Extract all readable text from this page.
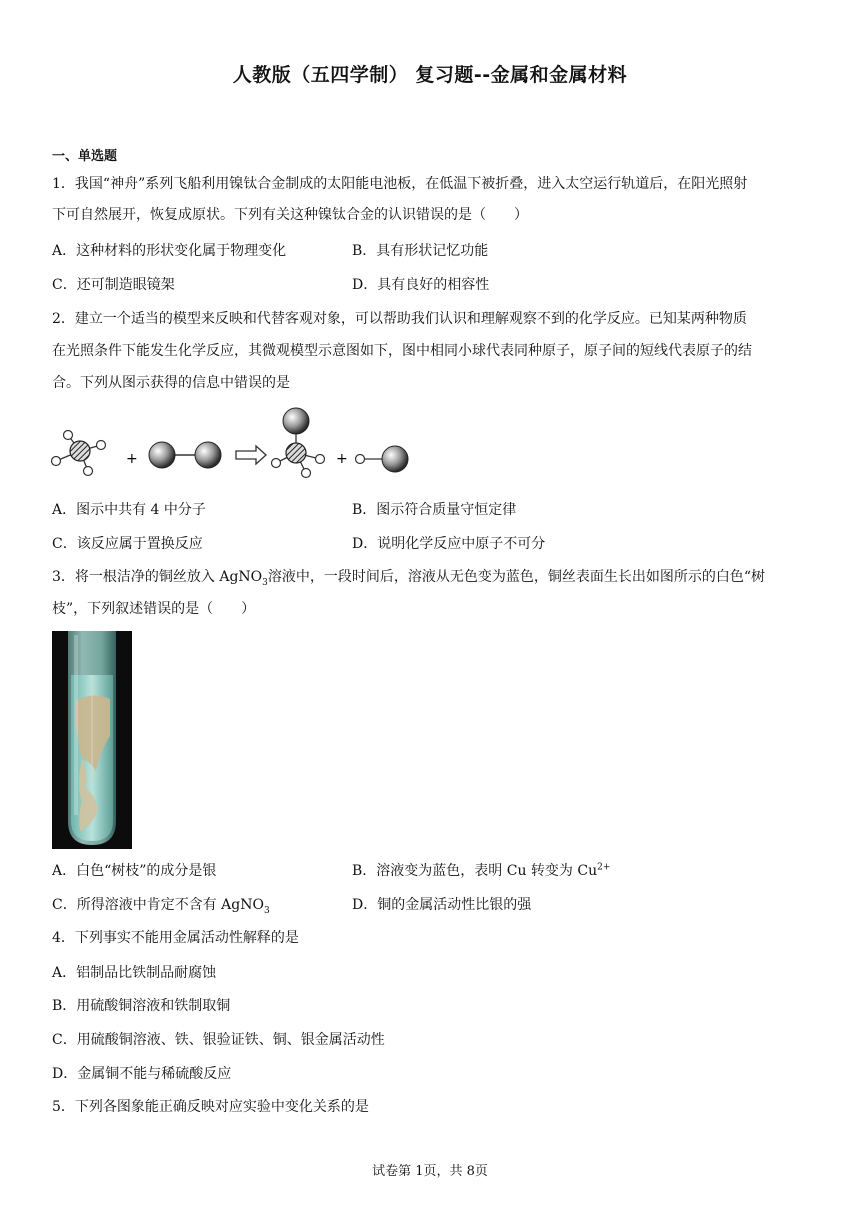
人教版（五四学制） 复习题--金属和金属材料
一、单选题
1．我国“神舟”系列飞船利用镍钛合金制成的太阳能电池板，在低温下被折叠，进入太空运行轨道后，在阳光照射
下可自然展开，恢复成原状。下列有关这种镍钛合金的认识错误的是（　　）
A．这种材料的形状变化属于物理变化	B．具有形状记忆功能
C．还可制造眼镜架	D．具有良好的相容性
2．建立一个适当的模型来反映和代替客观对象，可以帮助我们认识和理解观察不到的化学反应。已知某两种物质
在光照条件下能发生化学反应，其微观模型示意图如下，图中相同小球代表同种原子，原子间的短线代表原子的结
合。下列从图示获得的信息中错误的是
+	+
A．图示中共有 4 中分子	B．图示符合质量守恒定律
C．该反应属于置换反应	D．说明化学反应中原子不可分
3．将一根洁净的铜丝放入 AgNO$_3$溶液中，一段时间后，溶液从无色变为蓝色，铜丝表面生长出如图所示的白色“树
枝”，下列叙述错误的是（　　）
A．白色“树枝”的成分是银	B．溶液变为蓝色，表明 Cu 转变为 $Cu^{2+}$
C．所得溶液中肯定不含有 AgNO$_3$	D．铜的金属活动性比银的强
4．下列事实不能用金属活动性解释的是
A．铝制品比铁制品耐腐蚀
B．用硫酸铜溶液和铁制取铜
C．用硫酸铜溶液、铁、银验证铁、铜、银金属活动性
D．金属铜不能与稀硫酸反应
5．下列各图象能正确反映对应实验中变化关系的是
试卷第 1页，共 8页
